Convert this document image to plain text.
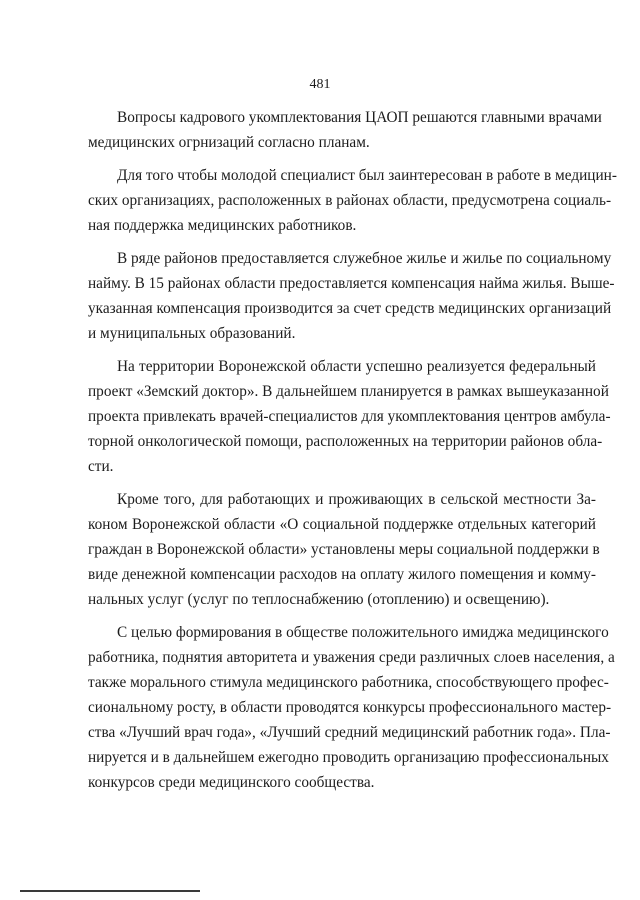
481
Вопросы кадрового укомплектования ЦАОП решаются главными врачами
медицинских огрнизаций согласно планам.
Для того чтобы молодой специалист был заинтересован в работе в медицин-
ских организациях, расположенных в районах области, предусмотрена социаль-
ная поддержка медицинских работников.
В ряде районов предоставляется служебное жилье и жилье по социальному
найму. В 15 районах области предоставляется компенсация найма жилья. Выше-
указанная компенсация производится за счет средств медицинских организаций
и муниципальных образований.
На территории Воронежской области успешно реализуется федеральный
проект «Земский доктор». В дальнейшем планируется в рамках вышеуказанной
проекта привлекать врачей-специалистов для укомплектования центров амбула-
торной онкологической помощи, расположенных на территории районов обла-
сти.
Кроме того, для работающих и проживающих в сельской местности За-
коном Воронежской области «О социальной поддержке отдельных категорий
граждан в Воронежской области» установлены меры социальной поддержки в
виде денежной компенсации расходов на оплату жилого помещения и комму-
нальных услуг (услуг по теплоснабжению (отоплению) и освещению).
С целью формирования в обществе положительного имиджа медицинского
работника, поднятия авторитета и уважения среди различных слоев населения, а
также морального стимула медицинского работника, способствующего профес-
сиональному росту, в области проводятся конкурсы профессионального мастер-
ства «Лучший врач года», «Лучший средний медицинский работник года». Пла-
нируется и в дальнейшем ежегодно проводить организацию профессиональных
конкурсов среди медицинского сообщества.
